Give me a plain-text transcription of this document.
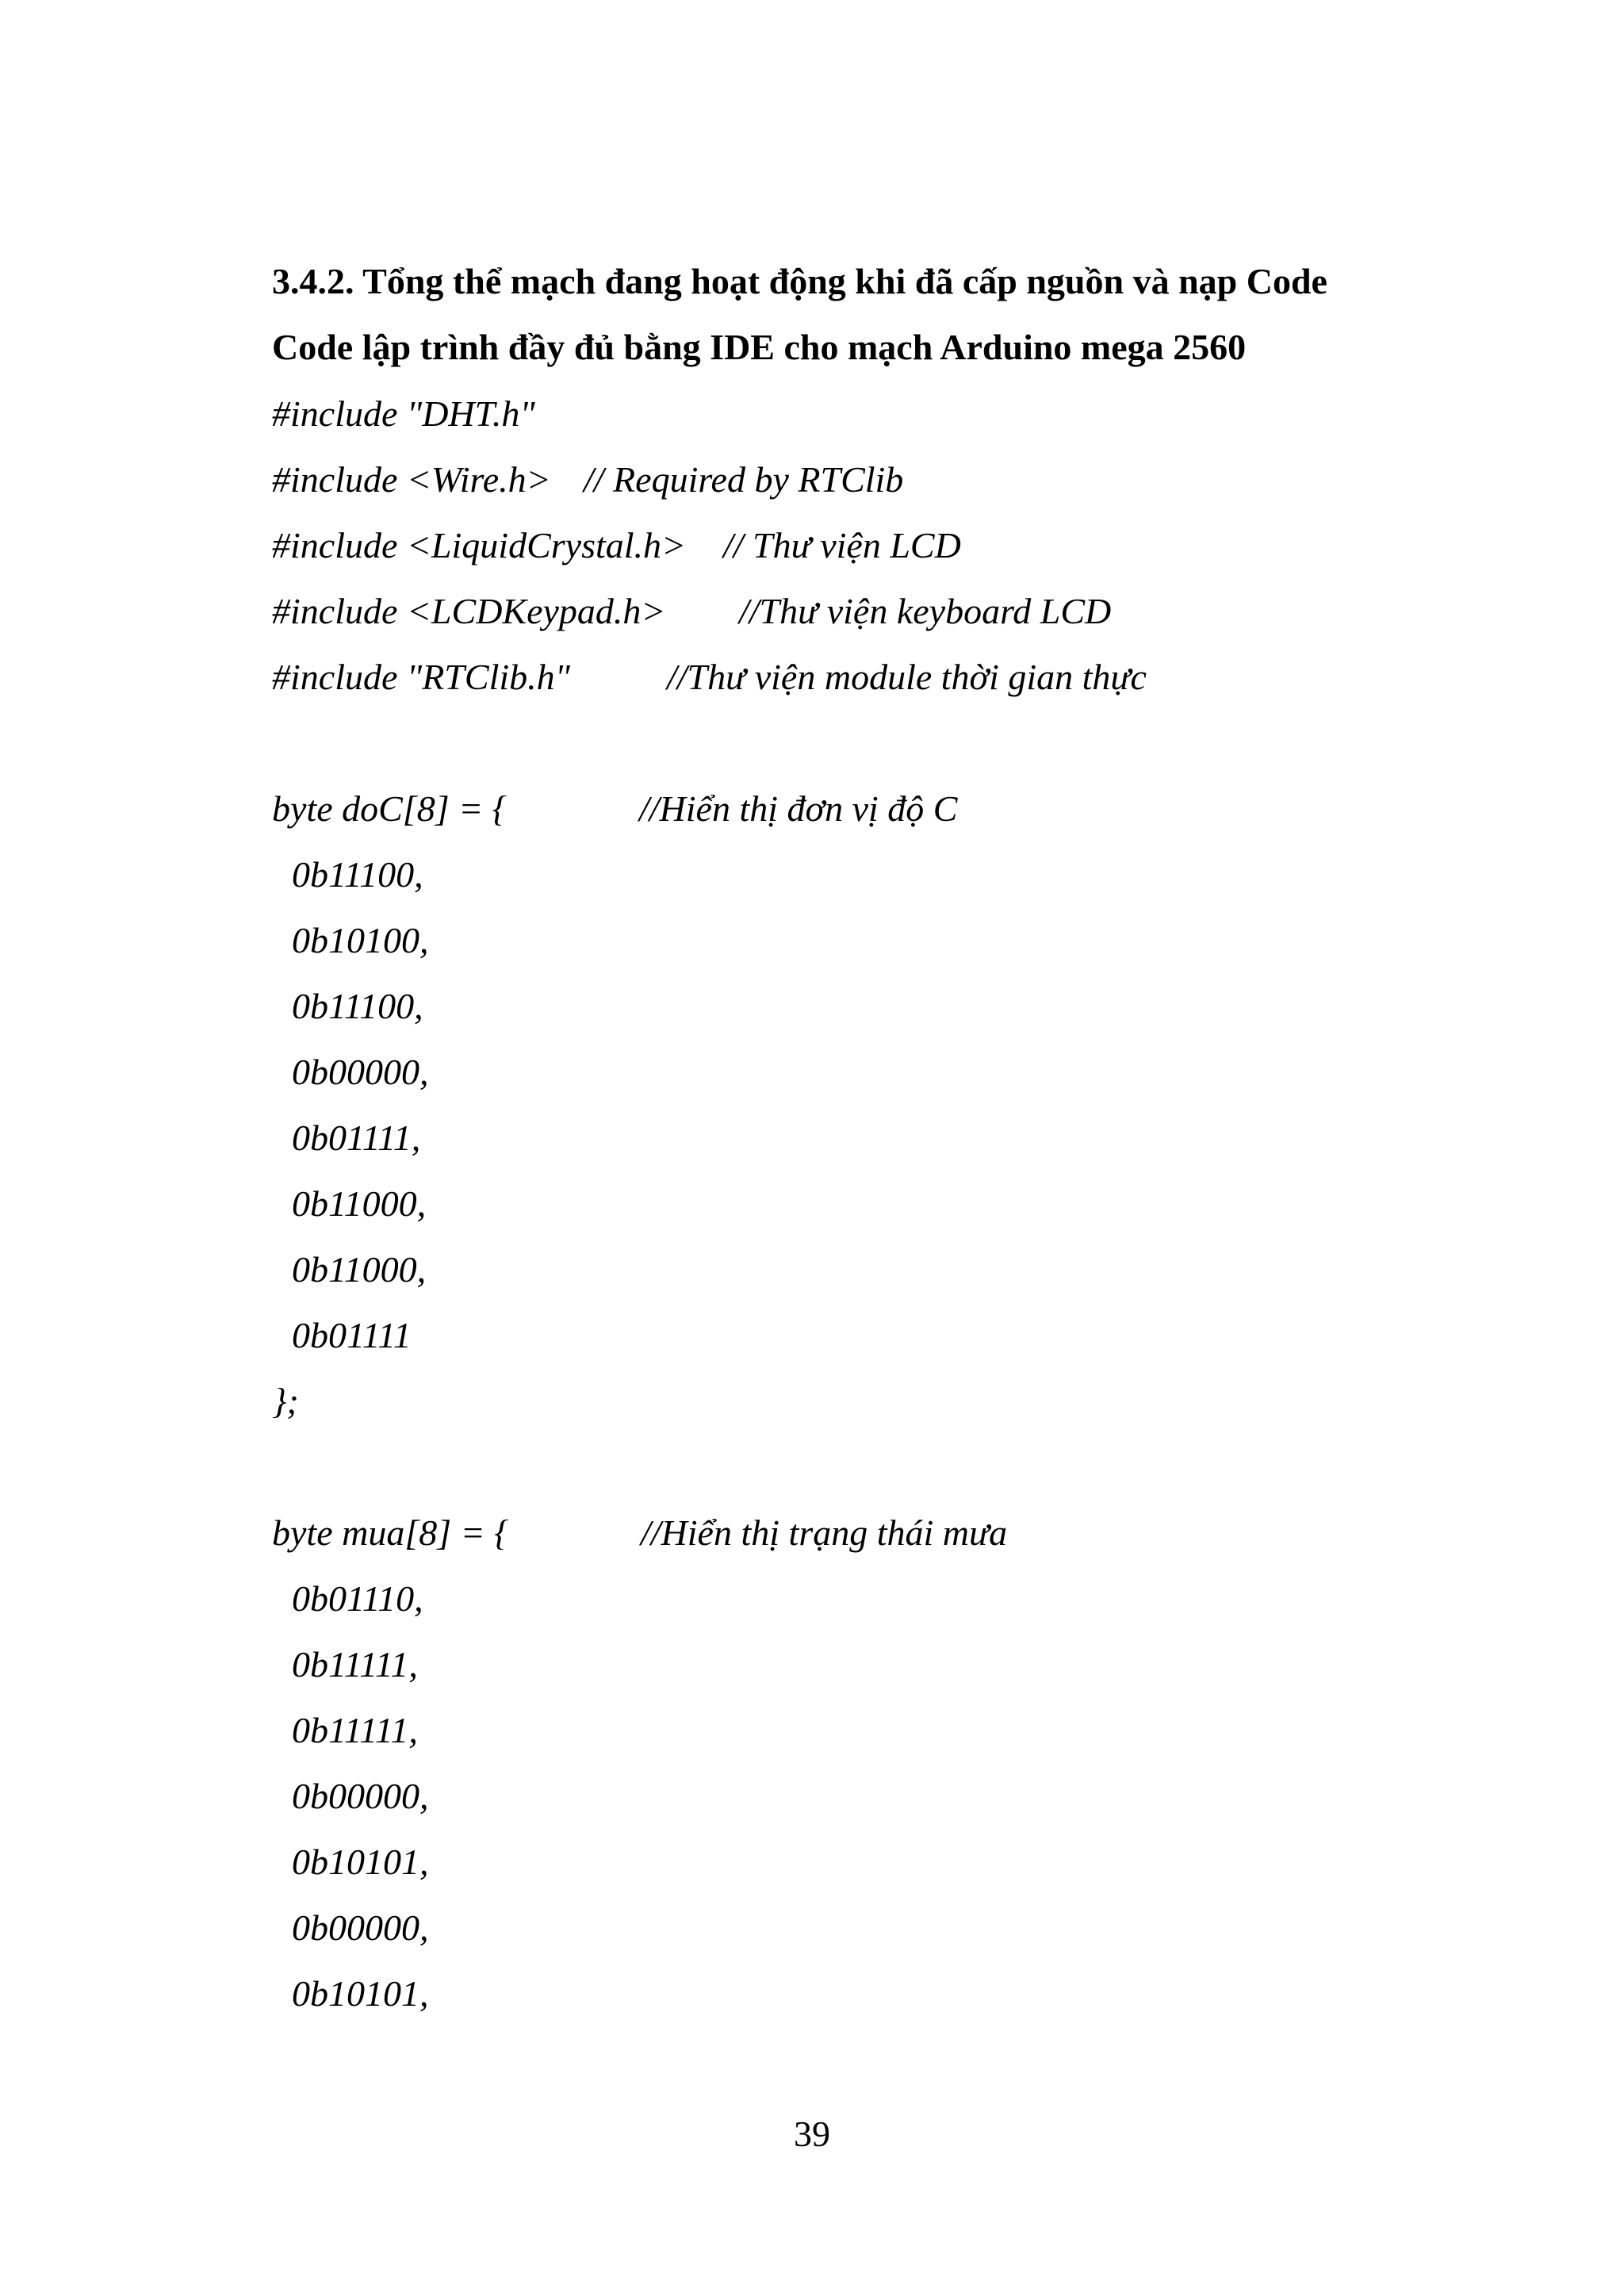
3.4.2. Tổng thể mạch đang hoạt động khi đã cấp nguồn và nạp Code
Code lập trình đầy đủ bằng IDE cho mạch Arduino mega 2560
#include "DHT.h"
#include <Wire.h> // Required by RTClib
#include <LiquidCrystal.h> // Thư viện LCD
#include <LCDKeypad.h> //Thư viện keyboard LCD
#include "RTClib.h"	//Thư viện module thời gian thực
byte doC[8] = {	//Hiển thị đơn vị độ C
0b11100,
0b10100,
0b11100,
0b00000,
0b01111,
0b11000,
0b11000,
0b01111
};
byte mua[8] = {	//Hiển thị trạng thái mưa
0b01110,
0b11111,
0b11111,
0b00000,
0b10101,
0b00000,
0b10101,
39
